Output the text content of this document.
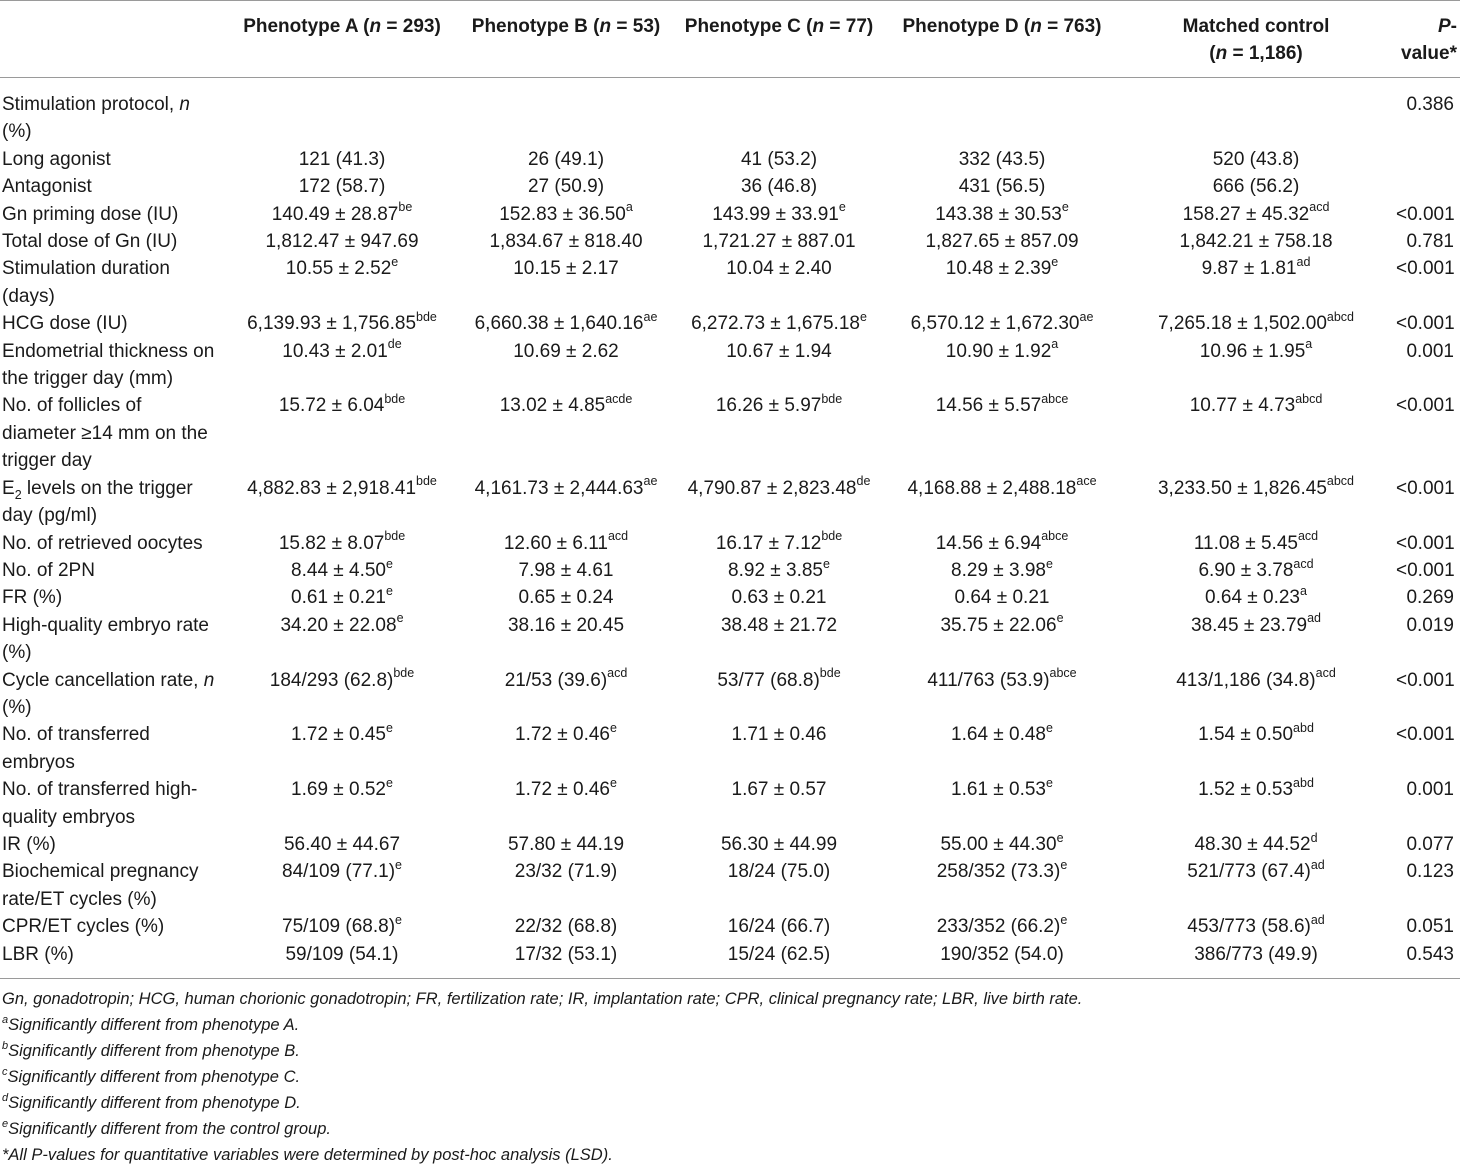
	Phenotype A (n = 293)	Phenotype B (n = 53)	Phenotype C (n = 77)	Phenotype D (n = 763)	Matched control
(n = 1,186)	P-
value*
Stimulation protocol, n (%)						0.386
Long agonist	121 (41.3)	26 (49.1)	41 (53.2)	332 (43.5)	520 (43.8)	
Antagonist	172 (58.7)	27 (50.9)	36 (46.8)	431 (56.5)	666 (56.2)	
Gn priming dose (IU)	140.49 ± 28.87$^{be}$	152.83 ± 36.50$^a$	143.99 ± 33.91$^e$	143.38 ± 30.53$^e$	158.27 ± 45.32$^{acd}$	<0.001
Total dose of Gn (IU)	1,812.47 ± 947.69	1,834.67 ± 818.40	1,721.27 ± 887.01	1,827.65 ± 857.09	1,842.21 ± 758.18	0.781
Stimulation duration (days)	10.55 ± 2.52$^e$	10.15 ± 2.17	10.04 ± 2.40	10.48 ± 2.39$^e$	9.87 ± 1.81$^{ad}$	<0.001
HCG dose (IU)	6,139.93 ± 1,756.85$^{bde}$	6,660.38 ± 1,640.16$^{ae}$	6,272.73 ± 1,675.18$^e$	6,570.12 ± 1,672.30$^{ae}$	$7,265.18 \pm 1,502.00^{abcd}$	<0.001
Endometrial thickness on the trigger day (mm)	10.43 ± 2.01de	10.69 ± 2.62	10.67 ± 1.94	10.90 ± 1.92$^a$	10.96 ± 1.95$^a$	0.001
No. of follicles of diameter ≥14 mm on the trigger day	15.72 ± 6.04$^{bde}$	$13.02 \pm 4.85^{acde}$	16.26 ± 5.97$^{bde}$	$14.56 \pm 5.57^{abce}$	$10.77 \pm 4.73^{abcd}$	<0.001
$E_2$ levels on the trigger day (pg/ml)	4,882.83 ± 2,918.41$^{bde}$	4,161.73 ± 2,444.63$^{ae}$	4,790.87 ± 2,823.48de	4,168.88 ± 2,488.18$^{ace}$	$3,233.50 \pm 1,826.45^{abcd}$	<0.001
No. of retrieved oocytes	15.82 ± 8.07$^{bde}$	12.60 ± 6.11$^{acd}$	16.17 ± 7.12$^{bde}$	$14.56 \pm 6.94^{abce}$	11.08 ± 5.45$^{acd}$	<0.001
No. of 2PN	8.44 ± 4.50$^e$	7.98 ± 4.61	8.92 ± 3.85$^e$	8.29 ± 3.98$^e$	6.90 ± 3.78$^{acd}$	<0.001
FR (%)	0.61 ± 0.21$^e$	0.65 ± 0.24	0.63 ± 0.21	0.64 ± 0.21	0.64 ± 0.23$^a$	0.269
High-quality embryo rate (%)	34.20 ± 22.08$^e$	38.16 ± 20.45	38.48 ± 21.72	35.75 ± 22.06$^e$	38.45 ± 23.79$^{ad}$	0.019
Cycle cancellation rate, n (%)	184/293 $(62.8)^{bde}$	21/53 $(39.6)^{acd}$	53/77 $(68.8)^{bde}$	411/763 $(53.9)^{abce}$	413/1,186 $(34.8)^{acd}$	<0.001
No. of transferred embryos	1.72 ± 0.45$^e$	1.72 ± 0.46$^e$	1.71 ± 0.46	1.64 ± 0.48$^e$	1.54 ± 0.50$^{abd}$	<0.001
No. of transferred high-quality embryos	1.69 ± 0.52$^e$	1.72 ± 0.46$^e$	1.67 ± 0.57	1.61 ± 0.53$^e$	1.52 ± 0.53$^{abd}$	0.001
IR (%)	56.40 ± 44.67	57.80 ± 44.19	56.30 ± 44.99	55.00 ± 44.30$^e$	48.30 ± 44.52$^d$	0.077
Biochemical pregnancy rate/ET cycles (%)	84/109 $(77.1)^e$	23/32 (71.9)	18/24 (75.0)	258/352 $(73.3)^e$	521/773 $(67.4)^{ad}$	0.123
CPR/ET cycles (%)	75/109 $(68.8)^e$	22/32 (68.8)	16/24 (66.7)	233/352 $(66.2)^e$	453/773 $(58.6)^{ad}$	0.051
LBR (%)	59/109 (54.1)	17/32 (53.1)	15/24 (62.5)	190/352 (54.0)	386/773 (49.9)	0.543
Gn, gonadotropin; HCG, human chorionic gonadotropin; FR, fertilization rate; IR, implantation rate; CPR, clinical pregnancy rate; LBR, live birth rate.
$^a$Significantly different from phenotype A.
$^b$Significantly different from phenotype B.
$^c$Significantly different from phenotype C.
$^d$Significantly different from phenotype D.
$^e$Significantly different from the control group.
*All P-values for quantitative variables were determined by post-hoc analysis (LSD).
